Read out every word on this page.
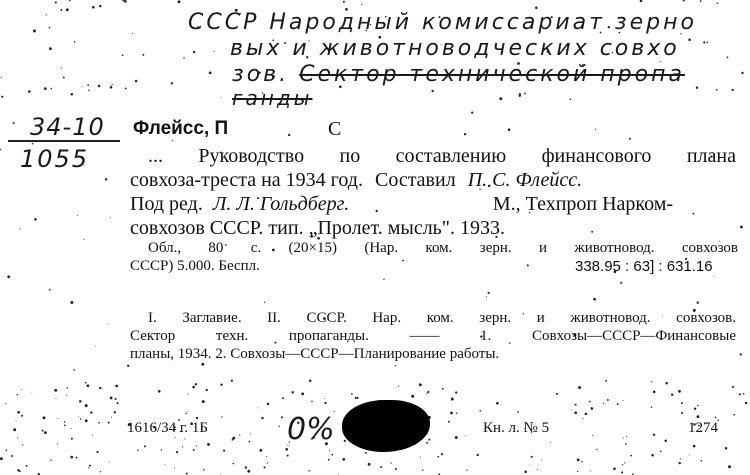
СССР Народный комиссариат зерно
вых и животноводческих совхо
зов. Сектор технической пропа
ганды
34-10
1055
Флейсс, П	С
... Руководство по составлению финансового плана
совхоза-треста на 1934 год. Составил П. С. Флейсс.
Под ред. Л. Л. Гольдберг.	М., Техпроп Нарком-
совхозов СССР. тип. „Пролет. мысль". 1933.
Обл., 80 с. (20×15) (Нар. ком. зерн. и животновод. совхозов
СССР) 5.000. Беспл.	338.95 : 63] : 631.16
I. Заглавие. II. СССР. Нар. ком. зерн. и животновод. совхозов.
Сектор техн. пропаганды. —— 1. Совхозы—СССР—Финансовые
планы, 1934. 2. Совхозы—СССР—Планирование работы.
1616/34 г. 1Б	0%	Кн. л. № 5	1274
